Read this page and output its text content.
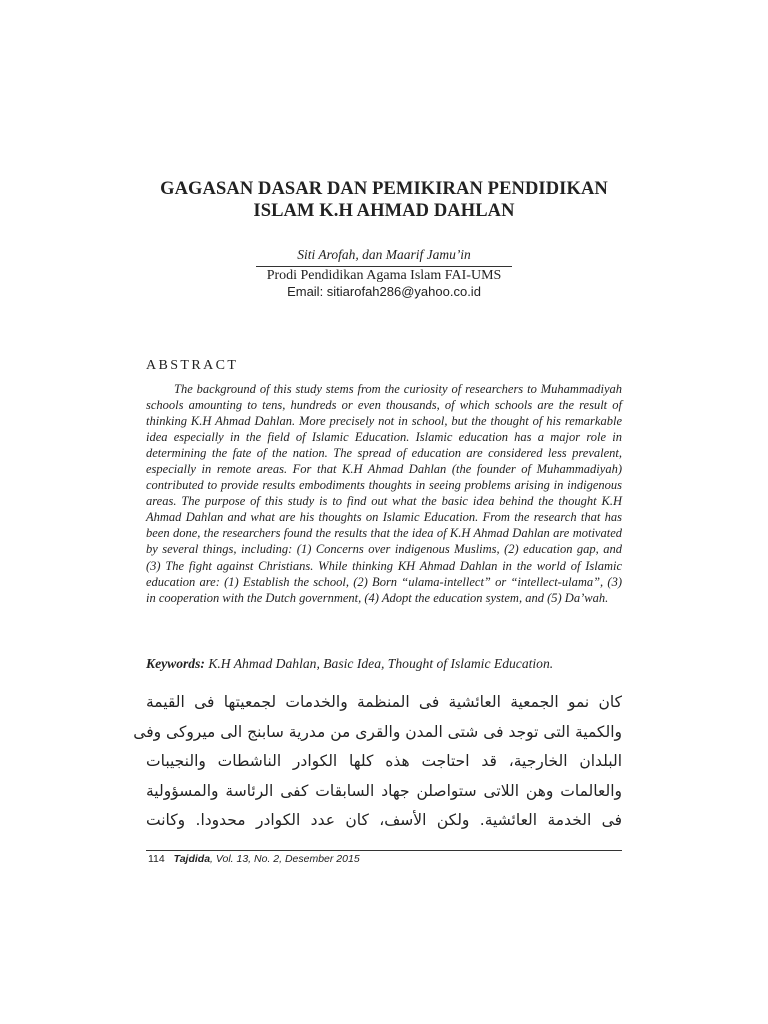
GAGASAN DASAR DAN PEMIKIRAN PENDIDIKAN
ISLAM K.H AHMAD DAHLAN
Siti Arofah, dan Maarif Jamu’in
Prodi Pendidikan Agama Islam FAI-UMS
Email: sitiarofah286@yahoo.co.id
ABSTRACT

The background of this study stems from the curiosity of researchers to Muhammadiyah schools amounting to tens, hundreds or even thousands, of which schools are the result of thinking K.H Ahmad Dahlan. More precisely not in school, but the thought of his remarkable idea especially in the field of Islamic Education. Islamic education has a major role in determining the fate of the nation. The spread of education are considered less prevalent, especially in remote areas. For that K.H Ahmad Dahlan (the founder of Muhammadiyah) contributed to provide results embodiments thoughts in seeing problems arising in indigenous areas. The purpose of this study is to find out what the basic idea behind the thought K.H Ahmad Dahlan and what are his thoughts on Islamic Education. From the research that has been done, the researchers found the results that the idea of K.H Ahmad Dahlan are motivated by several things, including: (1) Concerns over indigenous Muslims, (2) education gap, and (3) The fight against Christians. While thinking KH Ahmad Dahlan in the world of Islamic education are: (1) Establish the school, (2) Born “ulama-intellect” or “intellect-ulama”, (3) in cooperation with the Dutch government, (4) Adopt the education system, and (5) Da’wah.

Keywords: K.H Ahmad Dahlan, Basic Idea, Thought of Islamic Education.
كان نمو الجمعية العائشية فى المنظمة والخدمات لجمعيتها فى القيمة
والكمية التى توجد فى شتى المدن والقرى من مدرية سابنج الى ميروكى وفى
البلدان الخارجية، قد احتاجت هذه كلها الكوادر الناشطات والنجيبات
والعالمات وهن اللاتى ستواصلن جهاد السابقات كفى الرئاسة والمسؤولية
فى الخدمة العائشية. ولكن الأسف، كان عدد الكوادر محدودا. وكانت
114 Tajdida, Vol. 13, No. 2, Desember 2015
